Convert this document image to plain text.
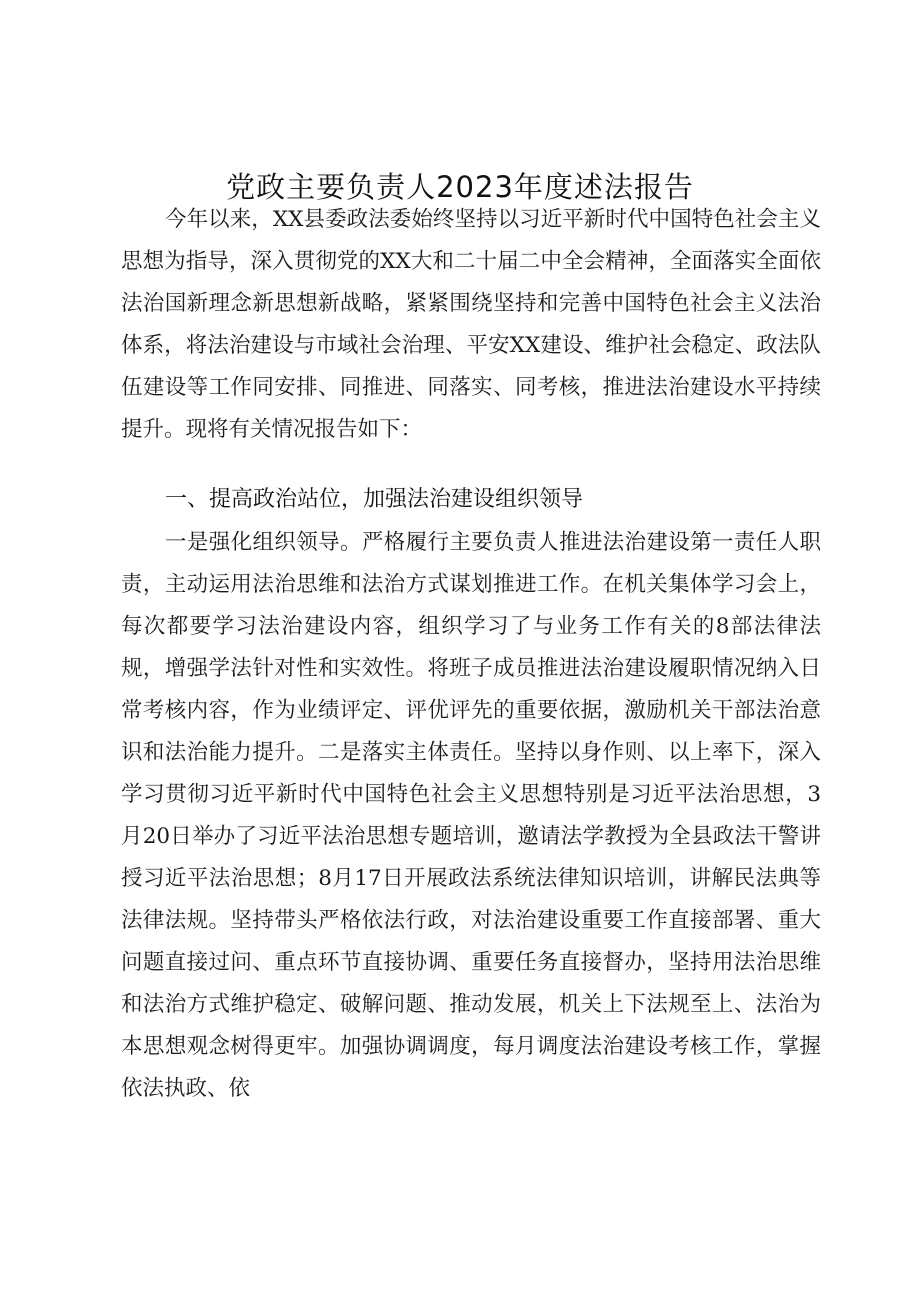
党政主要负责人2023年度述法报告

今年以来，XX县委政法委始终坚持以习近平新时代中国特色社会主义思想为指导，深入贯彻党的XX大和二十届二中全会精神，全面落实全面依法治国新理念新思想新战略，紧紧围绕坚持和完善中国特色社会主义法治体系，将法治建设与市域社会治理、平安XX建设、维护社会稳定、政法队伍建设等工作同安排、同推进、同落实、同考核，推进法治建设水平持续提升。现将有关情况报告如下：

一、提高政治站位，加强法治建设组织领导

一是强化组织领导。严格履行主要负责人推进法治建设第一责任人职责，主动运用法治思维和法治方式谋划推进工作。在机关集体学习会上，每次都要学习法治建设内容，组织学习了与业务工作有关的8部法律法规，增强学法针对性和实效性。将班子成员推进法治建设履职情况纳入日常考核内容，作为业绩评定、评优评先的重要依据，激励机关干部法治意识和法治能力提升。二是落实主体责任。坚持以身作则、以上率下，深入学习贯彻习近平新时代中国特色社会主义思想特别是习近平法治思想，3月20日举办了习近平法治思想专题培训，邀请法学教授为全县政法干警讲授习近平法治思想；8月17日开展政法系统法律知识培训，讲解民法典等法律法规。坚持带头严格依法行政，对法治建设重要工作直接部署、重大问题直接过问、重点环节直接协调、重要任务直接督办，坚持用法治思维和法治方式维护稳定、破解问题、推动发展，机关上下法规至上、法治为本思想观念树得更牢。加强协调调度，每月调度法治建设考核工作，掌握依法执政、依
